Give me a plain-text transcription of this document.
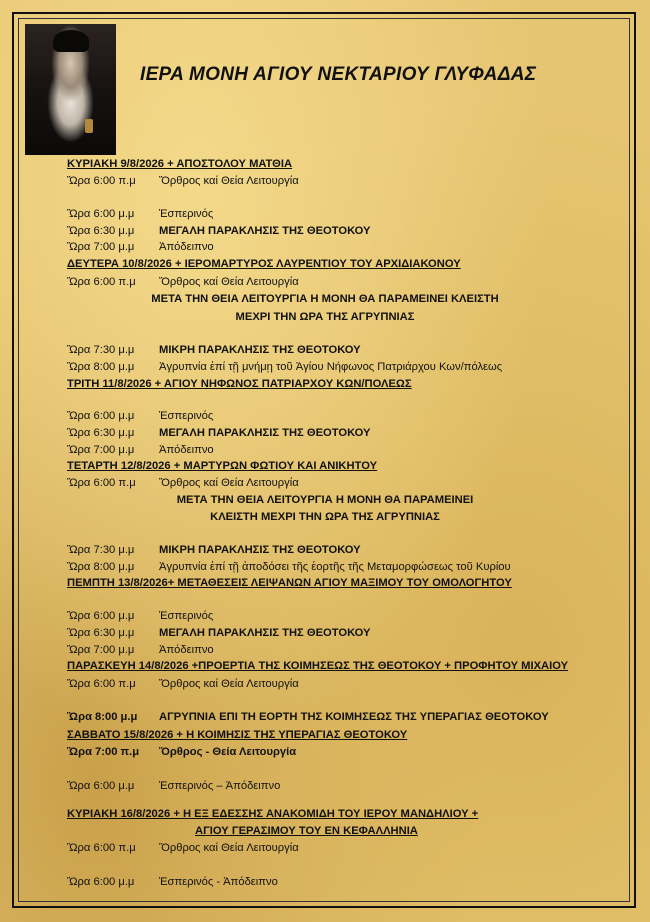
ΙΕΡΑ ΜΟΝΗ ΑΓΙΟΥ ΝΕΚΤΑΡΙΟΥ ΓΛΥΦΑΔΑΣ
ΚΥΡΙΑΚΗ 9/8/2026 + ΑΠΟΣΤΟΛΟΥ ΜΑΤΘΙΑ
Ὥρα 6:00 π.μ Ὄρθρος καί Θεία Λειτουργία
Ὥρα 6:00 μ.μ Ἑσπερινός
Ὥρα 6:30 μ.μ ΜΕΓΑΛΗ ΠΑΡΑΚΛΗΣΙΣ ΤΗΣ ΘΕΟΤΟΚΟΥ
Ὥρα 7:00 μ.μ Ἀπόδειπνο
ΔΕΥΤΕΡΑ 10/8/2026 + ΙΕΡΟΜΑΡΤΥΡΟΣ ΛΑΥΡΕΝΤΙΟΥ ΤΟΥ ΑΡΧΙΔΙΑΚΟΝΟΥ
Ὥρα 6:00 π.μ Ὄρθρος καί Θεία Λειτουργία
ΜΕΤΑ ΤΗΝ ΘΕΙΑ ΛΕΙΤΟΥΡΓΙΑ Η ΜΟΝΗ ΘΑ ΠΑΡΑΜΕΙΝΕΙ ΚΛΕΙΣΤΗ
ΜΕΧΡΙ ΤΗΝ ΩΡΑ ΤΗΣ ΑΓΡΥΠΝΙΑΣ
Ὥρα 7:30 μ.μ ΜΙΚΡΗ ΠΑΡΑΚΛΗΣΙΣ ΤΗΣ ΘΕΟΤΟΚΟΥ
Ὥρα 8:00 μ.μ Ἀγρυπνία ἐπί τῇ μνήμῃ τοῦ Ἁγίου Νήφωνος Πατριάρχου Κων/πόλεως
ΤΡΙΤΗ 11/8/2026 + ΑΓΙΟΥ ΝΗΦΩΝΟΣ ΠΑΤΡΙΑΡΧΟΥ ΚΩΝ/ΠΟΛΕΩΣ
Ὥρα 6:00 μ.μ Ἑσπερινός
Ὥρα 6:30 μ.μ ΜΕΓΑΛΗ ΠΑΡΑΚΛΗΣΙΣ ΤΗΣ ΘΕΟΤΟΚΟΥ
Ὥρα 7:00 μ.μ Ἀπόδειπνο
ΤΕΤΑΡΤΗ 12/8/2026 + ΜΑΡΤΥΡΩΝ ΦΩΤΙΟΥ ΚΑΙ ΑΝΙΚΗΤΟΥ
Ὥρα 6:00 π.μ Ὄρθρος καί Θεία Λειτουργία
ΜΕΤΑ ΤΗΝ ΘΕΙΑ ΛΕΙΤΟΥΡΓΙΑ Η ΜΟΝΗ ΘΑ ΠΑΡΑΜΕΙΝΕΙ
ΚΛΕΙΣΤΗ ΜΕΧΡΙ ΤΗΝ ΩΡΑ ΤΗΣ ΑΓΡΥΠΝΙΑΣ
Ὥρα 7:30 μ.μ ΜΙΚΡΗ ΠΑΡΑΚΛΗΣΙΣ ΤΗΣ ΘΕΟΤΟΚΟΥ
Ὥρα 8:00 μ.μ Ἀγρυπνία ἐπί τῇ ἀποδόσει τῆς ἑορτῆς τῆς Μεταμορφώσεως τοῦ Κυρίου
ΠΕΜΠΤΗ 13/8/2026+ ΜΕΤΑΘΕΣΕΙΣ ΛΕΙΨΑΝΩΝ ΑΓΙΟΥ ΜΑΞΙΜΟΥ ΤΟΥ ΟΜΟΛΟΓΗΤΟΥ
Ὥρα 6:00 μ.μ Ἑσπερινός
Ὥρα 6:30 μ.μ ΜΕΓΑΛΗ ΠΑΡΑΚΛΗΣΙΣ ΤΗΣ ΘΕΟΤΟΚΟΥ
Ὥρα 7:00 μ.μ Ἀπόδειπνο
ΠΑΡΑΣΚΕΥΗ 14/8/2026 +ΠΡΟΕΡΤΙΑ ΤΗΣ ΚΟΙΜΗΣΕΩΣ ΤΗΣ ΘΕΟΤΟΚΟΥ + ΠΡΟΦΗΤΟΥ ΜΙΧΑΙΟΥ
Ὥρα 6:00 π.μ Ὄρθρος καί Θεία Λειτουργία
Ὥρα 8:00 μ.μ ΑΓΡΥΠΝΙΑ ΕΠΙ ΤΗ ΕΟΡΤΗ ΤΗΣ ΚΟΙΜΗΣΕΩΣ ΤΗΣ ΥΠΕΡΑΓΙΑΣ ΘΕΟΤΟΚΟΥ
ΣΑΒΒΑΤΟ 15/8/2026 + Η ΚΟΙΜΗΣΙΣ ΤΗΣ ΥΠΕΡΑΓΙΑΣ ΘΕΟΤΟΚΟΥ
Ὥρα 7:00 π.μ Ὄρθρος - Θεία Λειτουργία
Ὥρα 6:00 μ.μ Ἑσπερινός – Ἀπόδειπνο
ΚΥΡΙΑΚΗ 16/8/2026 + Η ΕΞ ΕΔΕΣΣΗΣ ΑΝΑΚΟΜΙΔΗ ΤΟΥ ΙΕΡΟΥ ΜΑΝΔΗΛΙΟΥ +
ΑΓΙΟΥ ΓΕΡΑΣΙΜΟΥ ΤΟΥ ΕΝ ΚΕΦΑΛΛΗΝΙΑ
Ὥρα 6:00 π.μ Ὄρθρος καί Θεία Λειτουργία
Ὥρα 6:00 μ.μ Ἑσπερινός - Ἀπόδειπνο
